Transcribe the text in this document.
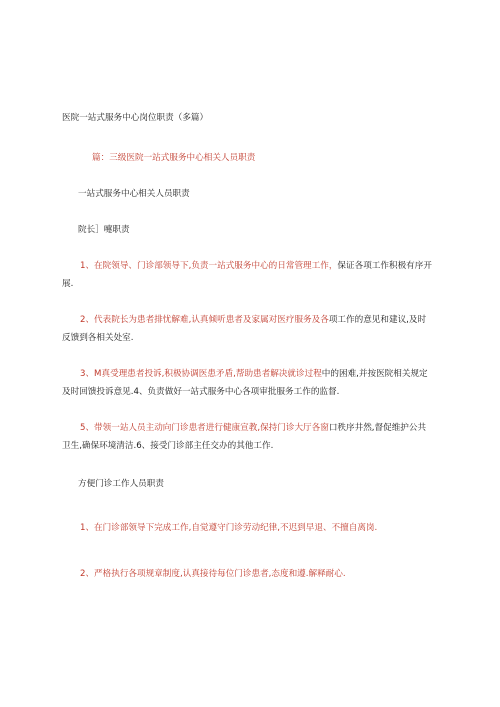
医院一站式服务中心岗位职责（多篇）

篇：三级医院一站式服务中心相关人员职责

一站式服务中心相关人员职责

院长］嚏职责

1、在院领导、门诊部领导下,负责一站式服务中心的日常管理工作，保证各项工作积极有序开展.

2、代表院长为患者排忧解难,认真倾听患者及家属对医疗服务及各项工作的意见和建议,及时反馈到各相关处室.

3、M真受理患者投诉,积极协调医患矛盾,帮助患者解决就诊过程中的困难,并按医院相关规定及时回馈投诉意见.4、负责做好一站式服务中心各项审批服务工作的监督.

5、带领一站人员主动向门诊患者进行健康宣教,保持门诊大厅各窗口秩序井然,督促维护公共卫生,确保环境清洁.6、接受门诊部主任交办的其他工作.

方便门诊工作人员职责

1、在门诊部领导下完成工作,自觉遵守门诊劳动纪律,不迟到早退、不擅自离岗.

2、严格执行各项规章制度,认真接待每位门诊患者,态度和遵.解释耐心.
